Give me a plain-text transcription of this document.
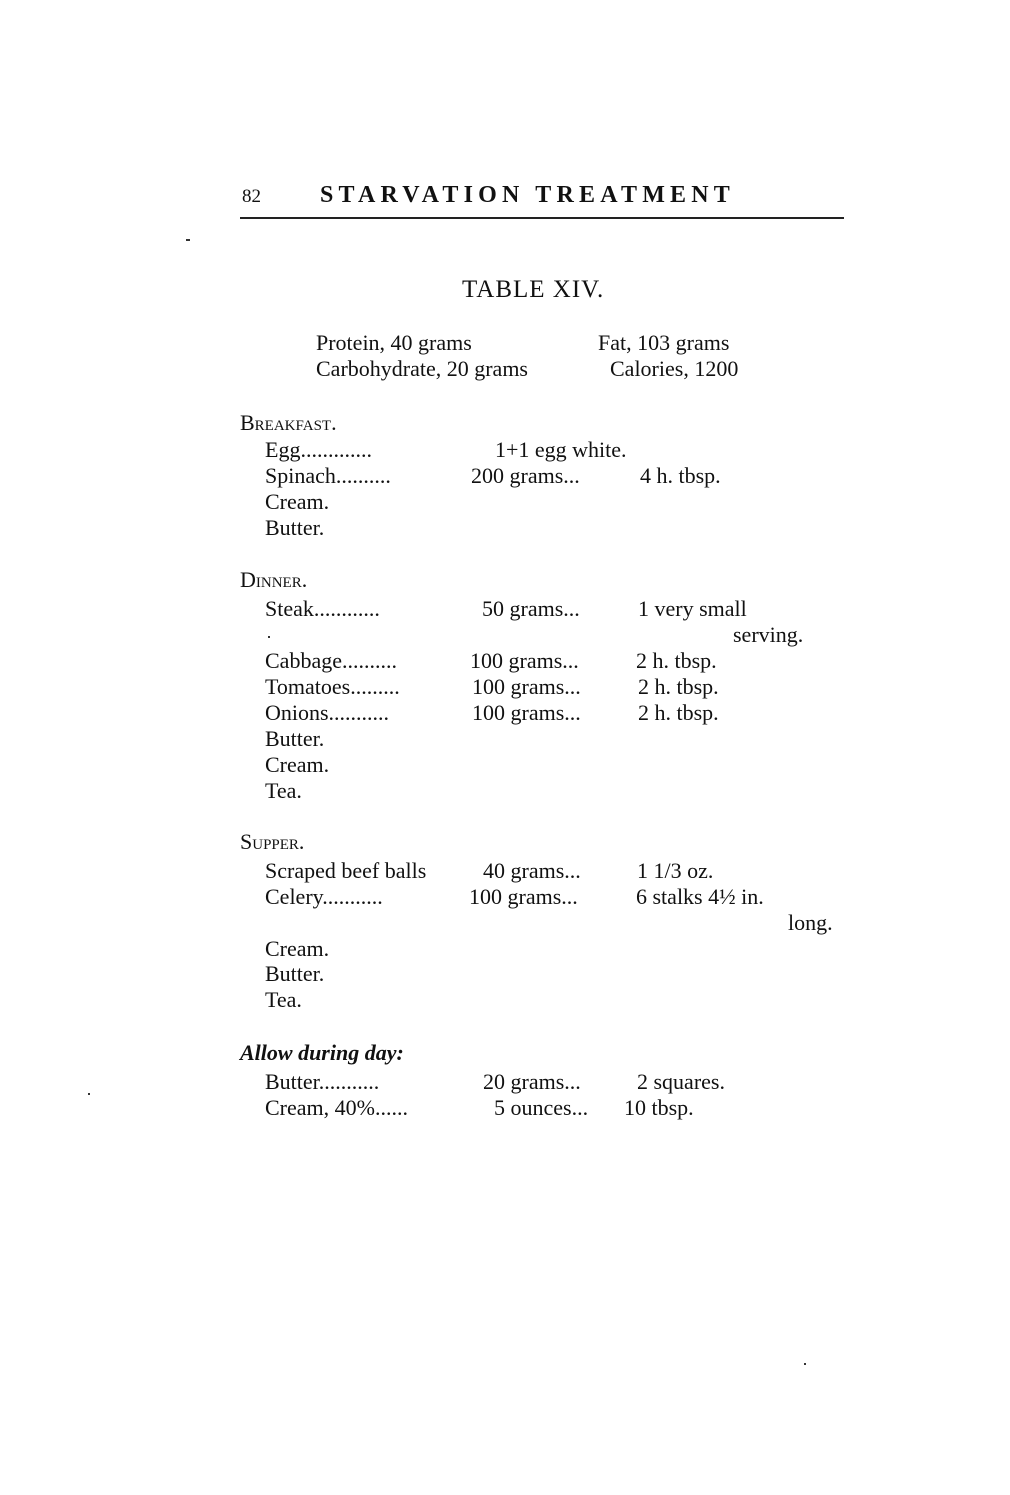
82 STARVATION TREATMENT
TABLE XIV.
Protein, 40 grams	Fat, 103 grams
Carbohydrate, 20 grams	Calories, 1200
Breakfast.
Egg.............	1+1 egg white.
Spinach..........	200 grams...	4 h. tbsp.
Cream.
Butter.
Dinner.
Steak............	50 grams...	1 very small
serving.
Cabbage..........	100 grams...	2 h. tbsp.
Tomatoes.........	100 grams...	2 h. tbsp.
Onions...........	100 grams...	2 h. tbsp.
Butter.
Cream.
Tea.
Supper.
Scraped beef balls	40 grams...	1 1/3 oz.
Celery...........	100 grams...	6 stalks 4½ in.
long.
Cream.
Butter.
Tea.
Allow during day:
Butter...........	20 grams...	2 squares.
Cream, 40%......	5 ounces... 10 tbsp.
